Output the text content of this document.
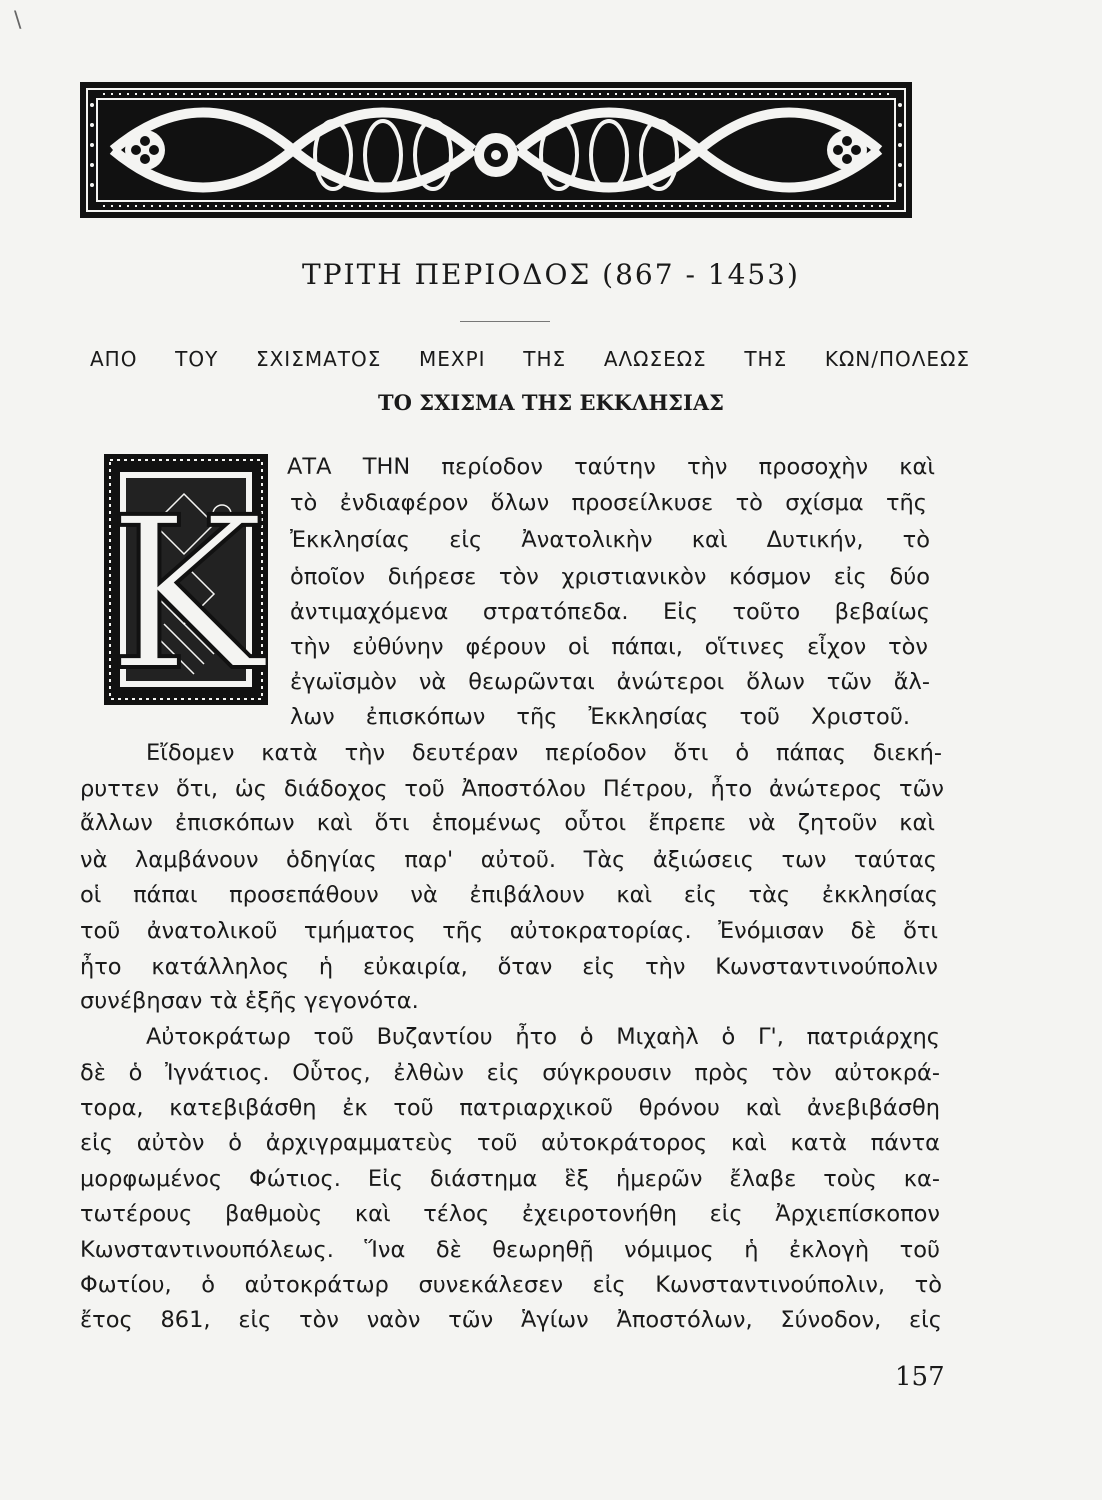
\
ΤΡΙΤΗ ΠΕΡΙΟΔΟΣ (867 - 1453)
ΑΠΟ ΤΟΥ ΣΧΙΣΜΑΤΟΣ ΜΕΧΡΙ ΤΗΣ ΑΛΩΣΕΩΣ ΤΗΣ ΚΩΝ/ΠΟΛΕΩΣ
ΤΟ ΣΧΙΣΜΑ ΤΗΣ ΕΚΚΛΗΣΙΑΣ
K
ΑΤΑ ΤΗΝ περίοδον ταύτην τὴν προσοχὴν καὶ
τὸ ἐνδιαφέρον ὅλων προσείλκυσε τὸ σχίσμα τῆς
Ἐκκλησίας εἰς Ἀνατολικὴν καὶ Δυτικήν, τὸ
ὁποῖον διήρεσε τὸν χριστιανικὸν κόσμον εἰς δύο
ἀντιμαχόμενα στρατόπεδα. Εἰς τοῦτο βεβαίως
τὴν εὐθύνην φέρουν οἱ πάπαι, οἵτινες εἶχον τὸν
ἐγωϊσμὸν νὰ θεωρῶνται ἀνώτεροι ὅλων τῶν ἄλ-
λων ἐπισκόπων τῆς Ἐκκλησίας τοῦ Χριστοῦ.
Εἴδομεν κατὰ τὴν δευτέραν περίοδον ὅτι ὁ πάπας διεκή-
ρυττεν ὅτι, ὡς διάδοχος τοῦ Ἀποστόλου Πέτρου, ἦτο ἀνώτερος τῶν
ἄλλων ἐπισκόπων καὶ ὅτι ἑπομένως οὗτοι ἔπρεπε νὰ ζητοῦν καὶ
νὰ λαμβάνουν ὁδηγίας παρ' αὐτοῦ. Τὰς ἀξιώσεις των ταύτας
οἱ πάπαι προσεπάθουν νὰ ἐπιβάλουν καὶ εἰς τὰς ἐκκλησίας
τοῦ ἀνατολικοῦ τμήματος τῆς αὐτοκρατορίας. Ἐνόμισαν δὲ ὅτι
ἦτο κατάλληλος ἡ εὐκαιρία, ὅταν εἰς τὴν Κωνσταντινούπολιν
συνέβησαν τὰ ἑξῆς γεγονότα.
Αὐτοκράτωρ τοῦ Βυζαντίου ἦτο ὁ Μιχαὴλ ὁ Γ', πατριάρχης
δὲ ὁ Ἰγνάτιος. Οὗτος, ἐλθὼν εἰς σύγκρουσιν πρὸς τὸν αὐτοκρά-
τορα, κατεβιβάσθη ἐκ τοῦ πατριαρχικοῦ θρόνου καὶ ἀνεβιβάσθη
εἰς αὐτὸν ὁ ἀρχιγραμματεὺς τοῦ αὐτοκράτορος καὶ κατὰ πάντα
μορφωμένος Φώτιος. Εἰς διάστημα ἓξ ἡμερῶν ἔλαβε τοὺς κα-
τωτέρους βαθμοὺς καὶ τέλος ἐχειροτονήθη εἰς Ἀρχιεπίσκοπον
Κωνσταντινουπόλεως. Ἵνα δὲ θεωρηθῇ νόμιμος ἡ ἐκλογὴ τοῦ
Φωτίου, ὁ αὐτοκράτωρ συνεκάλεσεν εἰς Κωνσταντινούπολιν, τὸ
ἔτος 861, εἰς τὸν ναὸν τῶν Ἁγίων Ἀποστόλων, Σύνοδον, εἰς
157
